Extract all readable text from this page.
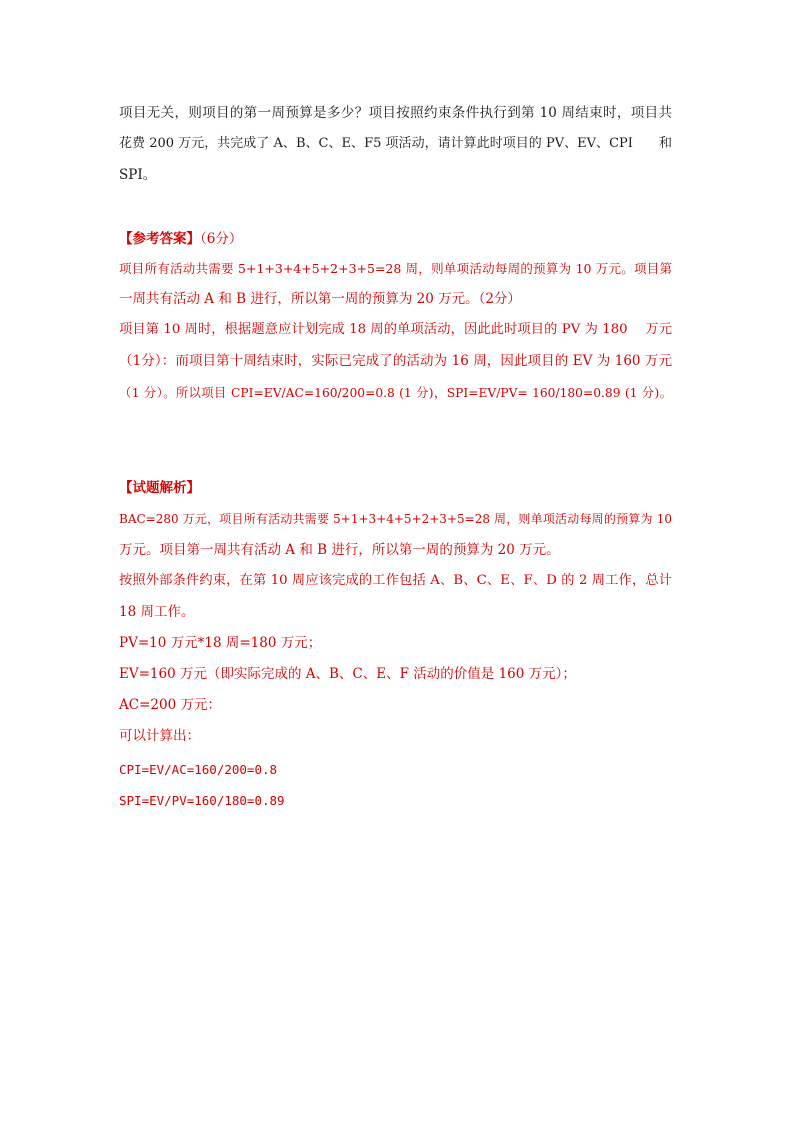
项目无关，则项目的第一周预算是多少？项目按照约束条件执行到第 10 周结束时，项目共
花费 200 万元，共完成了 A、B、C、E、F5 项活动，请计算此时项目的 PV、EV、CPI　　和
SPI。
【参考答案】（6分）
项目所有活动共需要 5+1+3+4+5+2+3+5=28 周，则单项活动每周的预算为 10 万元。项目第
一周共有活动 A 和 B 进行，所以第一周的预算为 20 万元。（2分）
项目第 10 周时，根据题意应计划完成 18 周的单项活动，因此此时项目的 PV 为 180　 万元
（1分）：而项目第十周结束时，实际已完成了的活动为 16 周，因此项目的 EV 为 160 万元
（1 分）。所以项目 CPI=EV/AC=160/200=0.8 (1 分)，SPI=EV/PV= 160/180=0.89 (1 分)。
【试题解析】
BAC=280 万元，项目所有活动共需要 5+1+3+4+5+2+3+5=28 周，则单项活动每周的预算为 10
万元。项目第一周共有活动 A 和 B 进行，所以第一周的预算为 20 万元。
按照外部条件约束，在第 10 周应该完成的工作包括 A、B、C、E、F、D 的 2 周工作，总计
18 周工作。
PV=10 万元*18 周=180 万元；
EV=160 万元（即实际完成的 A、B、C、E、F 活动的价值是 160 万元）；
AC=200 万元：
可以计算出：
CPI=EV/AC=160/200=0.8
SPI=EV/PV=160/180=0.89
